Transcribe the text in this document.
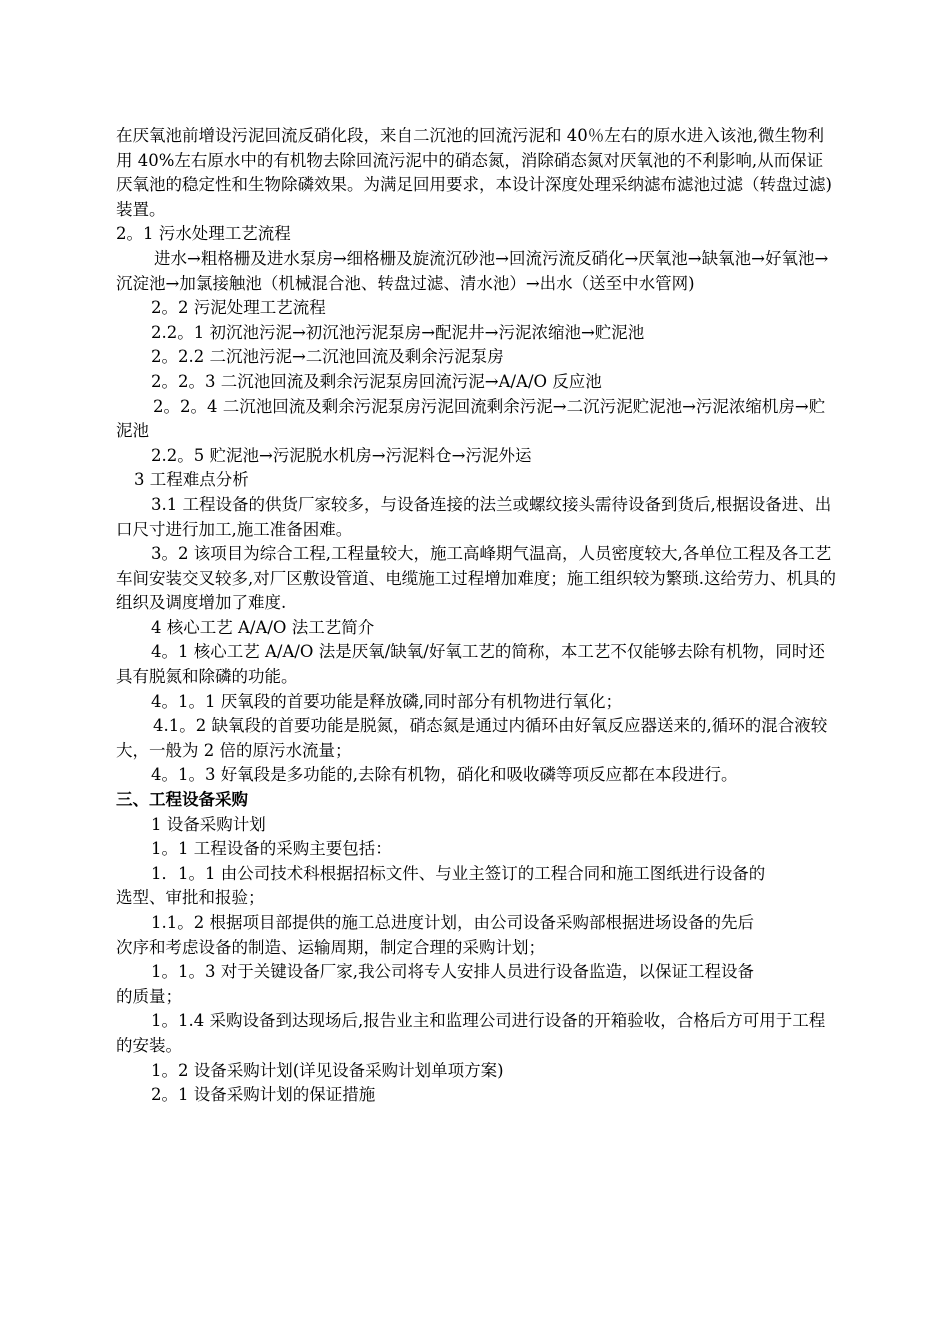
在厌氧池前增设污泥回流反硝化段，来自二沉池的回流污泥和 40％左右的原水进入该池,微生物利用 40%左右原水中的有机物去除回流污泥中的硝态氮，消除硝态氮对厌氧池的不利影响,从而保证厌氧池的稳定性和生物除磷效果。为满足回用要求，本设计深度处理采纳滤布滤池过滤（转盘过滤)装置。

2。1 污水处理工艺流程

进水→粗格栅及进水泵房→细格栅及旋流沉砂池→回流污流反硝化→厌氧池→缺氧池→好氧池→沉淀池→加氯接触池（机械混合池、转盘过滤、清水池）→出水（送至中水管网)

2。2 污泥处理工艺流程

2.2。1 初沉池污泥→初沉池污泥泵房→配泥井→污泥浓缩池→贮泥池

2。2.2 二沉池污泥→二沉池回流及剩余污泥泵房

2。2。3 二沉池回流及剩余污泥泵房回流污泥→A/A/O 反应池

2。2。4 二沉池回流及剩余污泥泵房污泥回流剩余污泥→二沉污泥贮泥池→污泥浓缩机房→贮泥池

2.2。5 贮泥池→污泥脱水机房→污泥料仓→污泥外运

3 工程难点分析

3.1 工程设备的供货厂家较多，与设备连接的法兰或螺纹接头需待设备到货后,根据设备进、出口尺寸进行加工,施工准备困难。

3。2 该项目为综合工程,工程量较大，施工高峰期气温高，人员密度较大,各单位工程及各工艺车间安装交叉较多,对厂区敷设管道、电缆施工过程增加难度；施工组织较为繁琐.这给劳力、机具的组织及调度增加了难度.

4 核心工艺 A/A/O 法工艺简介

4。1 核心工艺 A/A/O 法是厌氧/缺氧/好氧工艺的简称，本工艺不仅能够去除有机物，同时还具有脱氮和除磷的功能。

4。1。1 厌氧段的首要功能是释放磷,同时部分有机物进行氧化；

4.1。2 缺氧段的首要功能是脱氮，硝态氮是通过内循环由好氧反应器送来的,循环的混合液较大，一般为 2 倍的原污水流量；

4。1。3 好氧段是多功能的,去除有机物，硝化和吸收磷等项反应都在本段进行。

三、工程设备采购

1 设备采购计划

1。1 工程设备的采购主要包括：

1．1。1 由公司技术科根据招标文件、与业主签订的工程合同和施工图纸进行设备的

选型、审批和报验；

1.1。2 根据项目部提供的施工总进度计划，由公司设备采购部根据进场设备的先后

次序和考虑设备的制造、运输周期，制定合理的采购计划；

1。1。3 对于关键设备厂家,我公司将专人安排人员进行设备监造，以保证工程设备

的质量；

1。1.4 采购设备到达现场后,报告业主和监理公司进行设备的开箱验收，合格后方可用于工程的安装。

1。2 设备采购计划(详见设备采购计划单项方案)

2。1 设备采购计划的保证措施
